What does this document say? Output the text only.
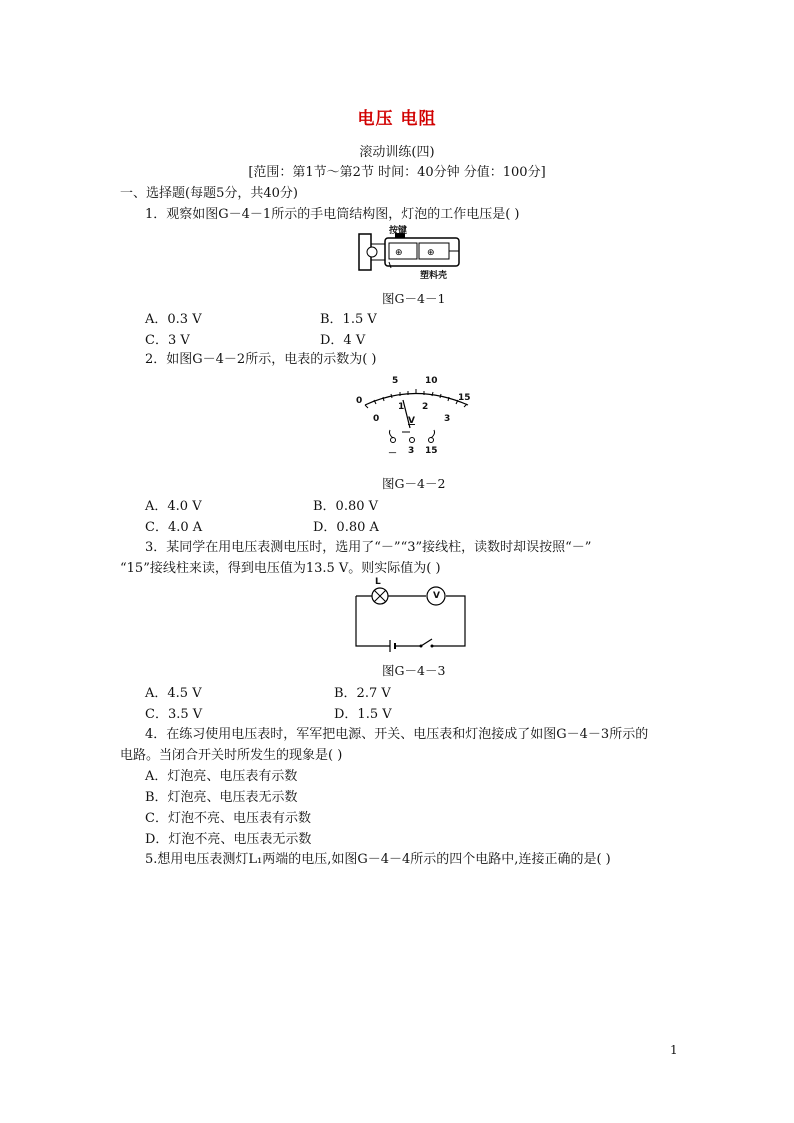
电压 电阻
滚动训练(四)
[范围：第1节～第2节 时间：40分钟 分值：100分]
一、选择题(每题5分，共40分)
1．观察如图G－4－1所示的手电筒结构图，灯泡的工作电压是( )
⊕	⊕
按键
塑料壳
图G－4－1
A．0.3 V	B．1.5 V
C．3 V	D．4 V
2．如图G－4－2所示，电表的示数为( )
0
5	10
15
0
1 2
3
V
－ 3 15
图G－4－2
A．4.0 V	B．0.80 V
C．4.0 A	D．0.80 A
3．某同学在用电压表测电压时，选用了“－”“3”接线柱，读数时却误按照“－”
“15”接线柱来读，得到电压值为13.5 V。则实际值为( )
L
V
图G－4－3
A．4.5 V	B．2.7 V
C．3.5 V	D．1.5 V
4．在练习使用电压表时，军军把电源、开关、电压表和灯泡接成了如图G－4－3所示的
电路。当闭合开关时所发生的现象是( )
A．灯泡亮、电压表有示数
B．灯泡亮、电压表无示数
C．灯泡不亮、电压表有示数
D．灯泡不亮、电压表无示数
5.想用电压表测灯L₁两端的电压,如图G－4－4所示的四个电路中,连接正确的是( )
1
